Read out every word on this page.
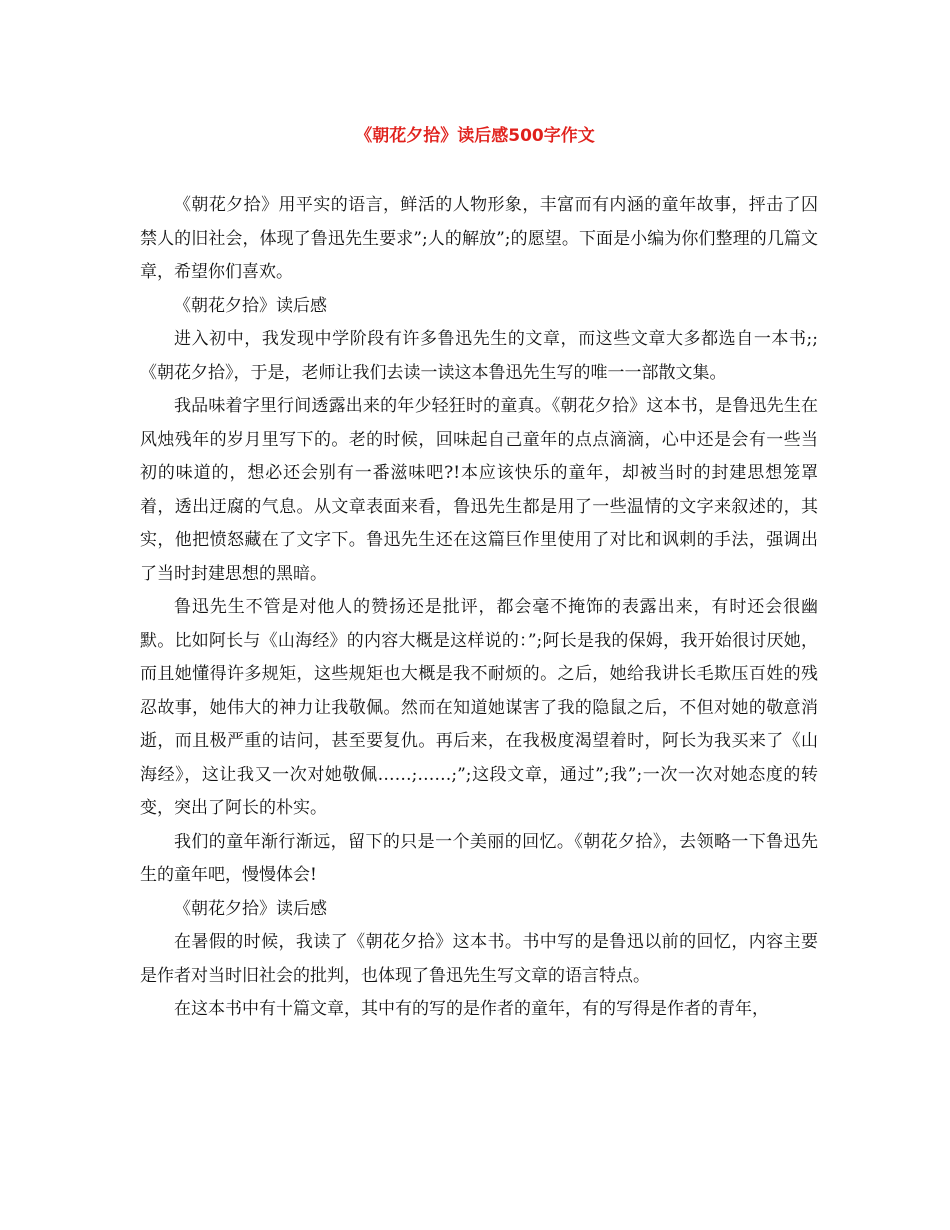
《朝花夕拾》读后感500字作文

《朝花夕拾》用平实的语言，鲜活的人物形象，丰富而有内涵的童年故事，抨击了囚禁人的旧社会，体现了鲁迅先生要求”;人的解放”;的愿望。下面是小编为你们整理的几篇文章，希望你们喜欢。

《朝花夕拾》读后感

进入初中，我发现中学阶段有许多鲁迅先生的文章，而这些文章大多都选自一本书;;《朝花夕拾》，于是，老师让我们去读一读这本鲁迅先生写的唯一一部散文集。

我品味着字里行间透露出来的年少轻狂时的童真。《朝花夕拾》这本书，是鲁迅先生在风烛残年的岁月里写下的。老的时候，回味起自己童年的点点滴滴，心中还是会有一些当初的味道的，想必还会别有一番滋味吧?!本应该快乐的童年，却被当时的封建思想笼罩着，透出迂腐的气息。从文章表面来看，鲁迅先生都是用了一些温情的文字来叙述的，其实，他把愤怒藏在了文字下。鲁迅先生还在这篇巨作里使用了对比和讽刺的手法，强调出了当时封建思想的黑暗。

鲁迅先生不管是对他人的赞扬还是批评，都会毫不掩饰的表露出来，有时还会很幽默。比如阿长与《山海经》的内容大概是这样说的：”;阿长是我的保姆，我开始很讨厌她，而且她懂得许多规矩，这些规矩也大概是我不耐烦的。之后，她给我讲长毛欺压百姓的残忍故事，她伟大的神力让我敬佩。然而在知道她谋害了我的隐鼠之后，不但对她的敬意消逝，而且极严重的诘问，甚至要复仇。再后来，在我极度渴望着时，阿长为我买来了《山海经》，这让我又一次对她敬佩……;……;”;这段文章，通过”;我”;一次一次对她态度的转变，突出了阿长的朴实。

我们的童年渐行渐远，留下的只是一个美丽的回忆。《朝花夕拾》，去领略一下鲁迅先生的童年吧，慢慢体会!

《朝花夕拾》读后感

在暑假的时候，我读了《朝花夕拾》这本书。书中写的是鲁迅以前的回忆，内容主要是作者对当时旧社会的批判，也体现了鲁迅先生写文章的语言特点。

在这本书中有十篇文章，其中有的写的是作者的童年，有的写得是作者的青年，
